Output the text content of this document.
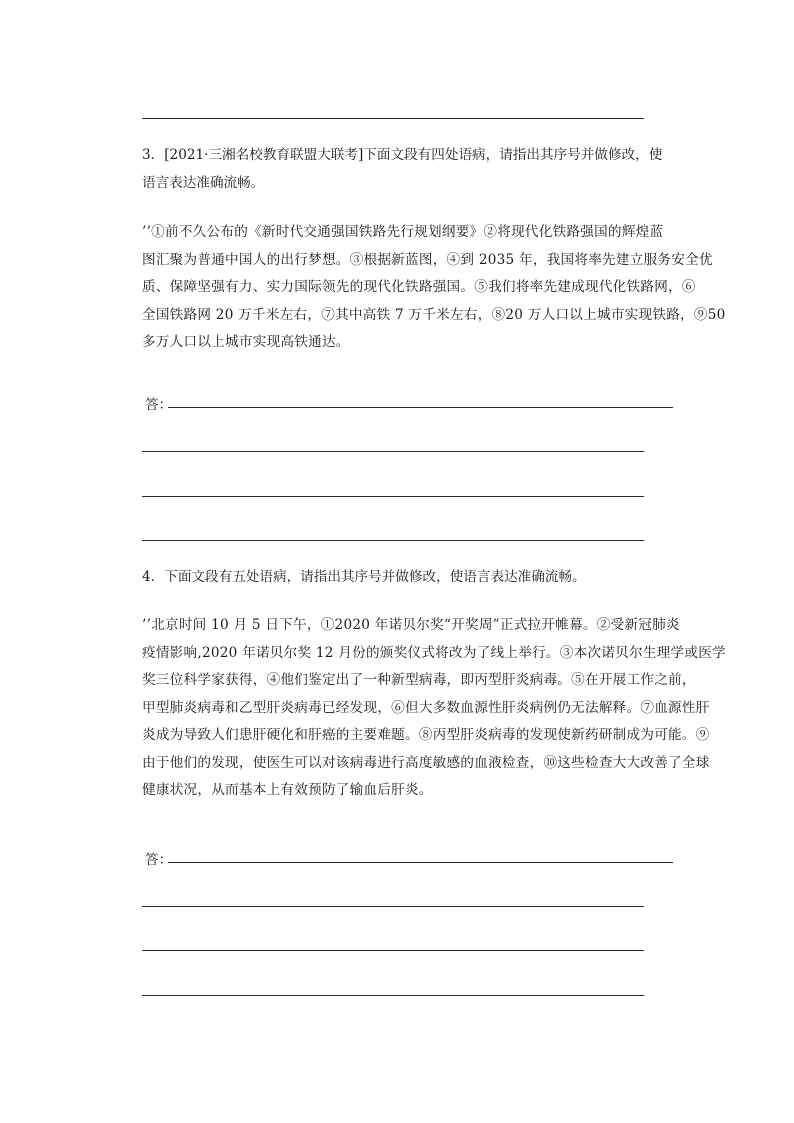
3．[2021·三湘名校教育联盟大联考]下面文段有四处语病，请指出其序号并做修改，使

语言表达准确流畅。

’’①前不久公布的《新时代交通强国铁路先行规划纲要》②将现代化铁路强国的辉煌蓝
图汇聚为普通中国人的出行梦想。③根据新蓝图，④到 2035 年，我国将率先建立服务安全优
质、保障坚强有力、实力国际领先的现代化铁路强国。⑤我们将率先建成现代化铁路网，⑥
全国铁路网 20 万千米左右，⑦其中高铁 7 万千米左右，⑧20 万人口以上城市实现铁路，⑨50
多万人口以上城市实现高铁通达。
答：

4．下面文段有五处语病，请指出其序号并做修改，使语言表达准确流畅。

’’北京时间 10 月 5 日下午，①2020 年诺贝尔奖“开奖周”正式拉开帷幕。②受新冠肺炎
疫情影响,2020 年诺贝尔奖 12 月份的颁奖仪式将改为了线上举行。③本次诺贝尔生理学或医学
奖三位科学家获得，④他们鉴定出了一种新型病毒，即丙型肝炎病毒。⑤在开展工作之前，
甲型肺炎病毒和乙型肝炎病毒已经发现，⑥但大多数血源性肝炎病例仍无法解释。⑦血源性肝
炎成为导致人们患肝硬化和肝癌的主要难题。⑧丙型肝炎病毒的发现使新药研制成为可能。⑨
由于他们的发现，使医生可以对该病毒进行高度敏感的血液检查，⑩这些检查大大改善了全球
健康状况，从而基本上有效预防了输血后肝炎。
答：
